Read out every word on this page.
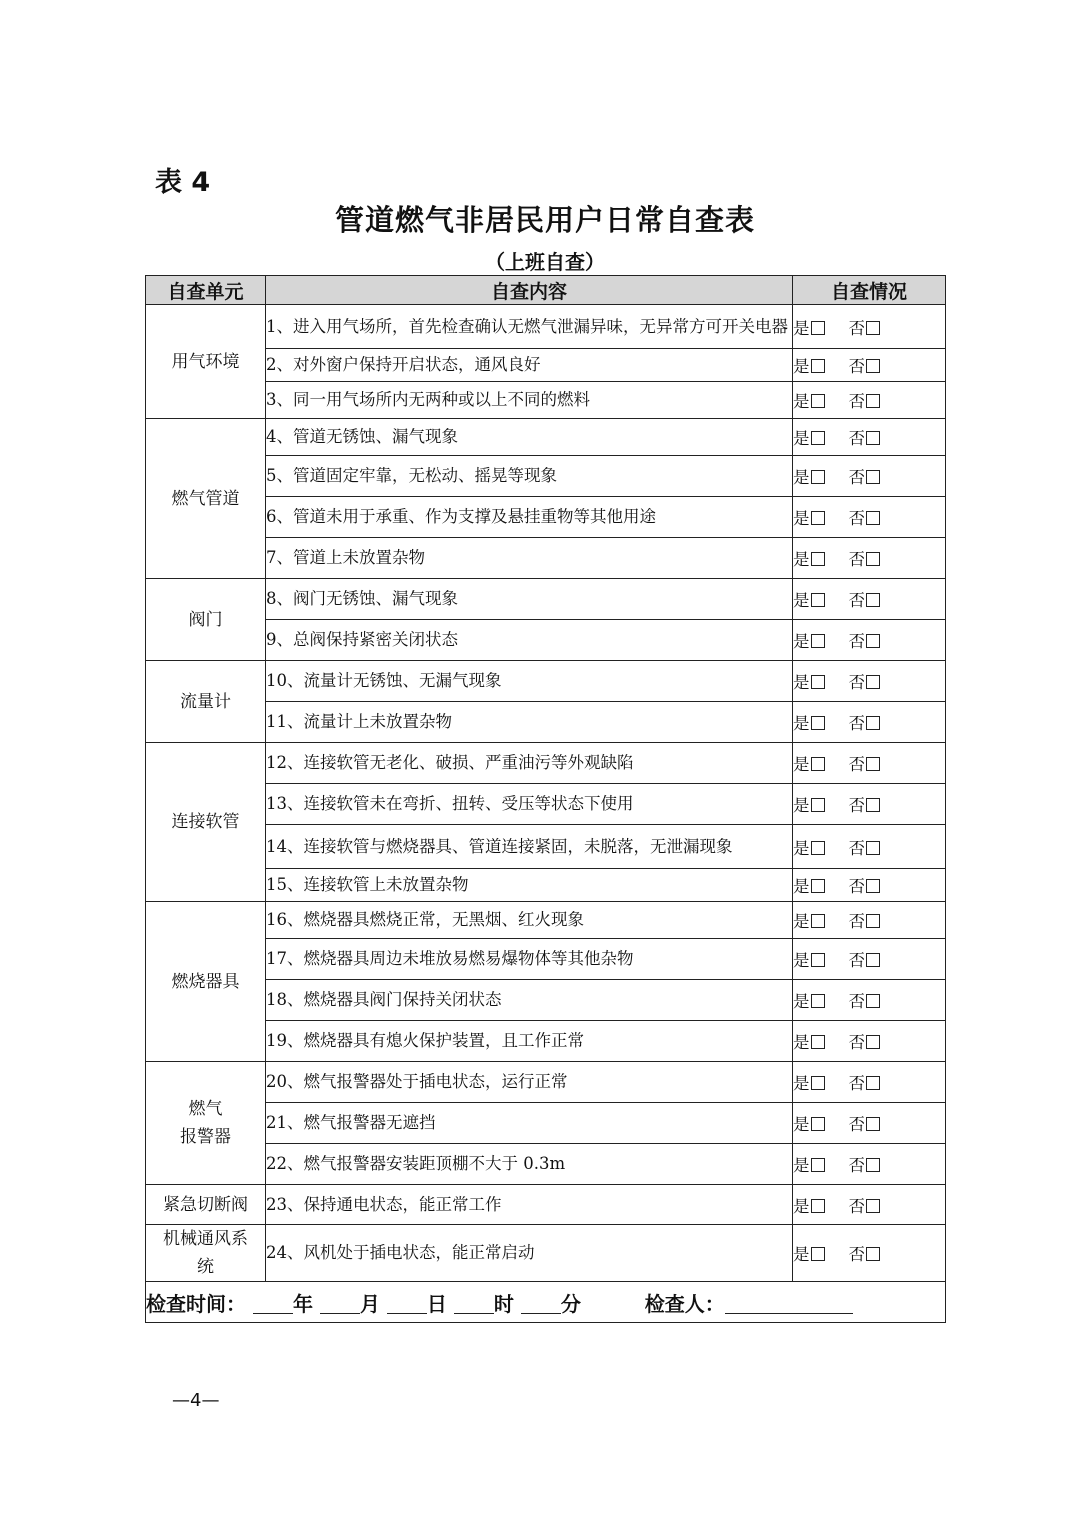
表 4
管道燃气非居民用户日常自查表
（上班自查）
自查单元	自查内容	自查情况
用气环境	1、进入用气场所，首先检查确认无燃气泄漏异味，无异常方可开关电器	是 否
	2、对外窗户保持开启状态，通风良好	是 否
	3、同一用气场所内无两种或以上不同的燃料	是 否
燃气管道	4、管道无锈蚀、漏气现象	是 否
	5、管道固定牢靠，无松动、摇晃等现象	是 否
	6、管道未用于承重、作为支撑及悬挂重物等其他用途	是 否
	7、管道上未放置杂物	是 否
阀门	8、阀门无锈蚀、漏气现象	是 否
	9、总阀保持紧密关闭状态	是 否
流量计	10、流量计无锈蚀、无漏气现象	是 否
	11、流量计上未放置杂物	是 否
连接软管	12、连接软管无老化、破损、严重油污等外观缺陷	是 否
	13、连接软管未在弯折、扭转、受压等状态下使用	是 否
	14、连接软管与燃烧器具、管道连接紧固，未脱落，无泄漏现象	是 否
	15、连接软管上未放置杂物	是 否
燃烧器具	16、燃烧器具燃烧正常，无黑烟、红火现象	是 否
	17、燃烧器具周边未堆放易燃易爆物体等其他杂物	是 否
	18、燃烧器具阀门保持关闭状态	是 否
	19、燃烧器具有熄火保护装置，且工作正常	是 否
燃气
报警器	20、燃气报警器处于插电状态，运行正常	是 否
	21、燃气报警器无遮挡	是 否
	22、燃气报警器安装距顶棚不大于 0.3m	是 否
紧急切断阀	23、保持通电状态，能正常工作	是 否
机械通风系
统	24、风机处于插电状态，能正常启动	是 否
检查时间： 年 月 日 时 分 检查人：		
—4—
